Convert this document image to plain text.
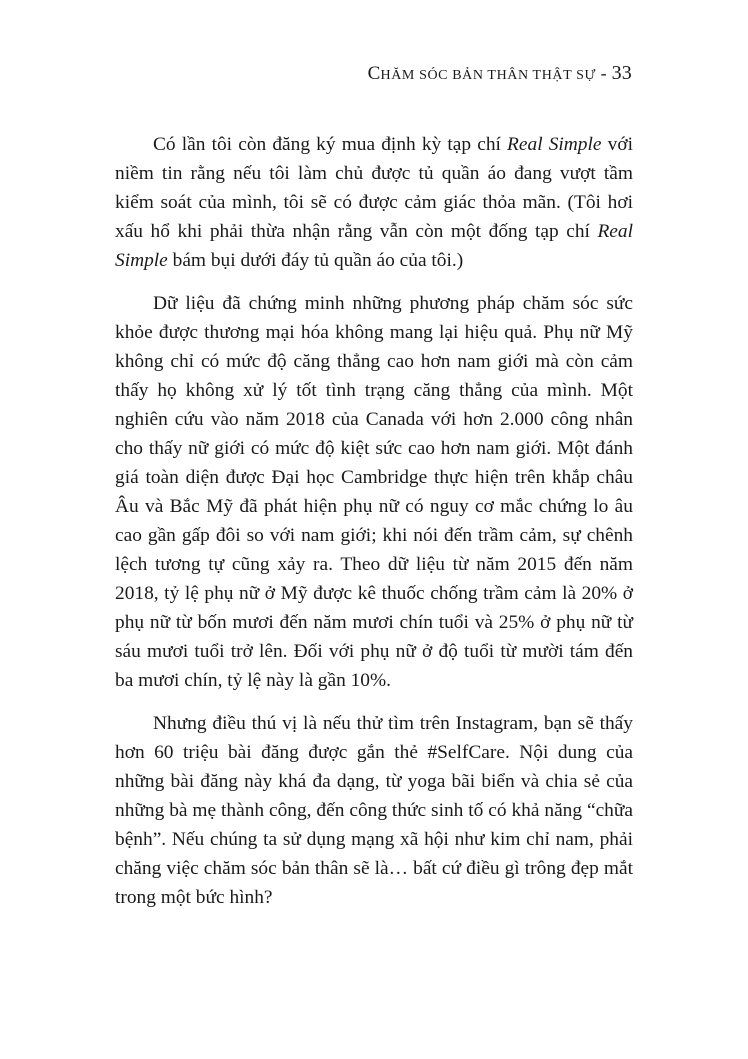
CHĂM SÓC BẢN THÂN THẬT SỰ - 33

Có lần tôi còn đăng ký mua định kỳ tạp chí Real Simple với niềm tin rằng nếu tôi làm chủ được tủ quần áo đang vượt tầm kiểm soát của mình, tôi sẽ có được cảm giác thỏa mãn. (Tôi hơi xấu hổ khi phải thừa nhận rằng vẫn còn một đống tạp chí Real Simple bám bụi dưới đáy tủ quần áo của tôi.)

Dữ liệu đã chứng minh những phương pháp chăm sóc sức khỏe được thương mại hóa không mang lại hiệu quả. Phụ nữ Mỹ không chỉ có mức độ căng thẳng cao hơn nam giới mà còn cảm thấy họ không xử lý tốt tình trạng căng thẳng của mình. Một nghiên cứu vào năm 2018 của Canada với hơn 2.000 công nhân cho thấy nữ giới có mức độ kiệt sức cao hơn nam giới. Một đánh giá toàn diện được Đại học Cambridge thực hiện trên khắp châu Âu và Bắc Mỹ đã phát hiện phụ nữ có nguy cơ mắc chứng lo âu cao gần gấp đôi so với nam giới; khi nói đến trầm cảm, sự chênh lệch tương tự cũng xảy ra. Theo dữ liệu từ năm 2015 đến năm 2018, tỷ lệ phụ nữ ở Mỹ được kê thuốc chống trầm cảm là 20% ở phụ nữ từ bốn mươi đến năm mươi chín tuổi và 25% ở phụ nữ từ sáu mươi tuổi trở lên. Đối với phụ nữ ở độ tuổi từ mười tám đến ba mươi chín, tỷ lệ này là gần 10%.

Nhưng điều thú vị là nếu thử tìm trên Instagram, bạn sẽ thấy hơn 60 triệu bài đăng được gắn thẻ #SelfCare. Nội dung của những bài đăng này khá đa dạng, từ yoga bãi biển và chia sẻ của những bà mẹ thành công, đến công thức sinh tố có khả năng “chữa bệnh”. Nếu chúng ta sử dụng mạng xã hội như kim chỉ nam, phải chăng việc chăm sóc bản thân sẽ là… bất cứ điều gì trông đẹp mắt trong một bức hình?
